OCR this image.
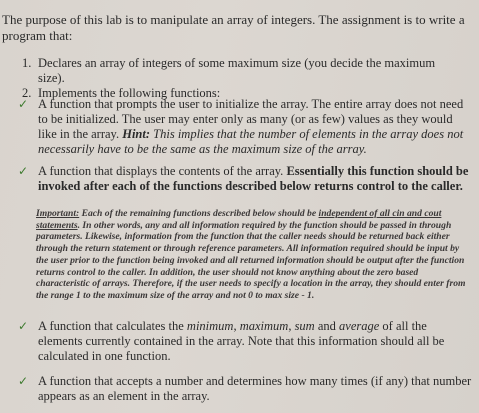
The purpose of this lab is to manipulate an array of integers. The assignment is to write a
program that:
1. Declares an array of integers of some maximum size (you decide the maximum size).
2. Implements the following functions:
✓ A function that prompts the user to initialize the array. The entire array does not need to be initialized. The user may enter only as many (or as few) values as they would like in the array. Hint: This implies that the number of elements in the array does not necessarily have to be the same as the maximum size of the array.
✓ A function that displays the contents of the array. Essentially this function should be invoked after each of the functions described below returns control to the caller.
Important: Each of the remaining functions described below should be independent of all cin and cout statements. In other words, any and all information required by the function should be passed in through parameters. Likewise, information from the function that the caller needs should be returned back either through the return statement or through reference parameters. All information required should be input by the user prior to the function being invoked and all returned information should be output after the function returns control to the caller. In addition, the user should not know anything about the zero based characteristic of arrays. Therefore, if the user needs to specify a location in the array, they should enter from the range 1 to the maximum size of the array and not 0 to max size - 1.
✓ A function that calculates the minimum, maximum, sum and average of all the elements currently contained in the array. Note that this information should all be calculated in one function.
✓ A function that accepts a number and determines how many times (if any) that number appears as an element in the array.
